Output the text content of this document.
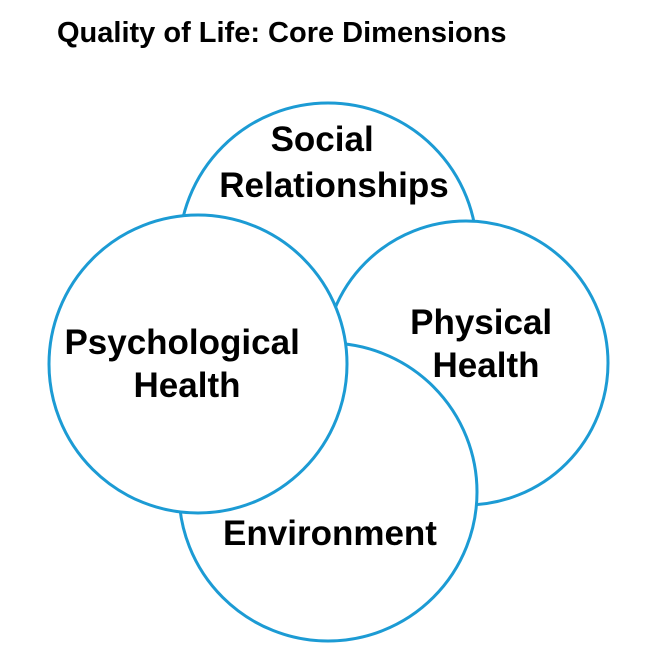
Quality of Life: Core Dimensions
Social Relationships
Physical Health
Environment
Psychological Health
